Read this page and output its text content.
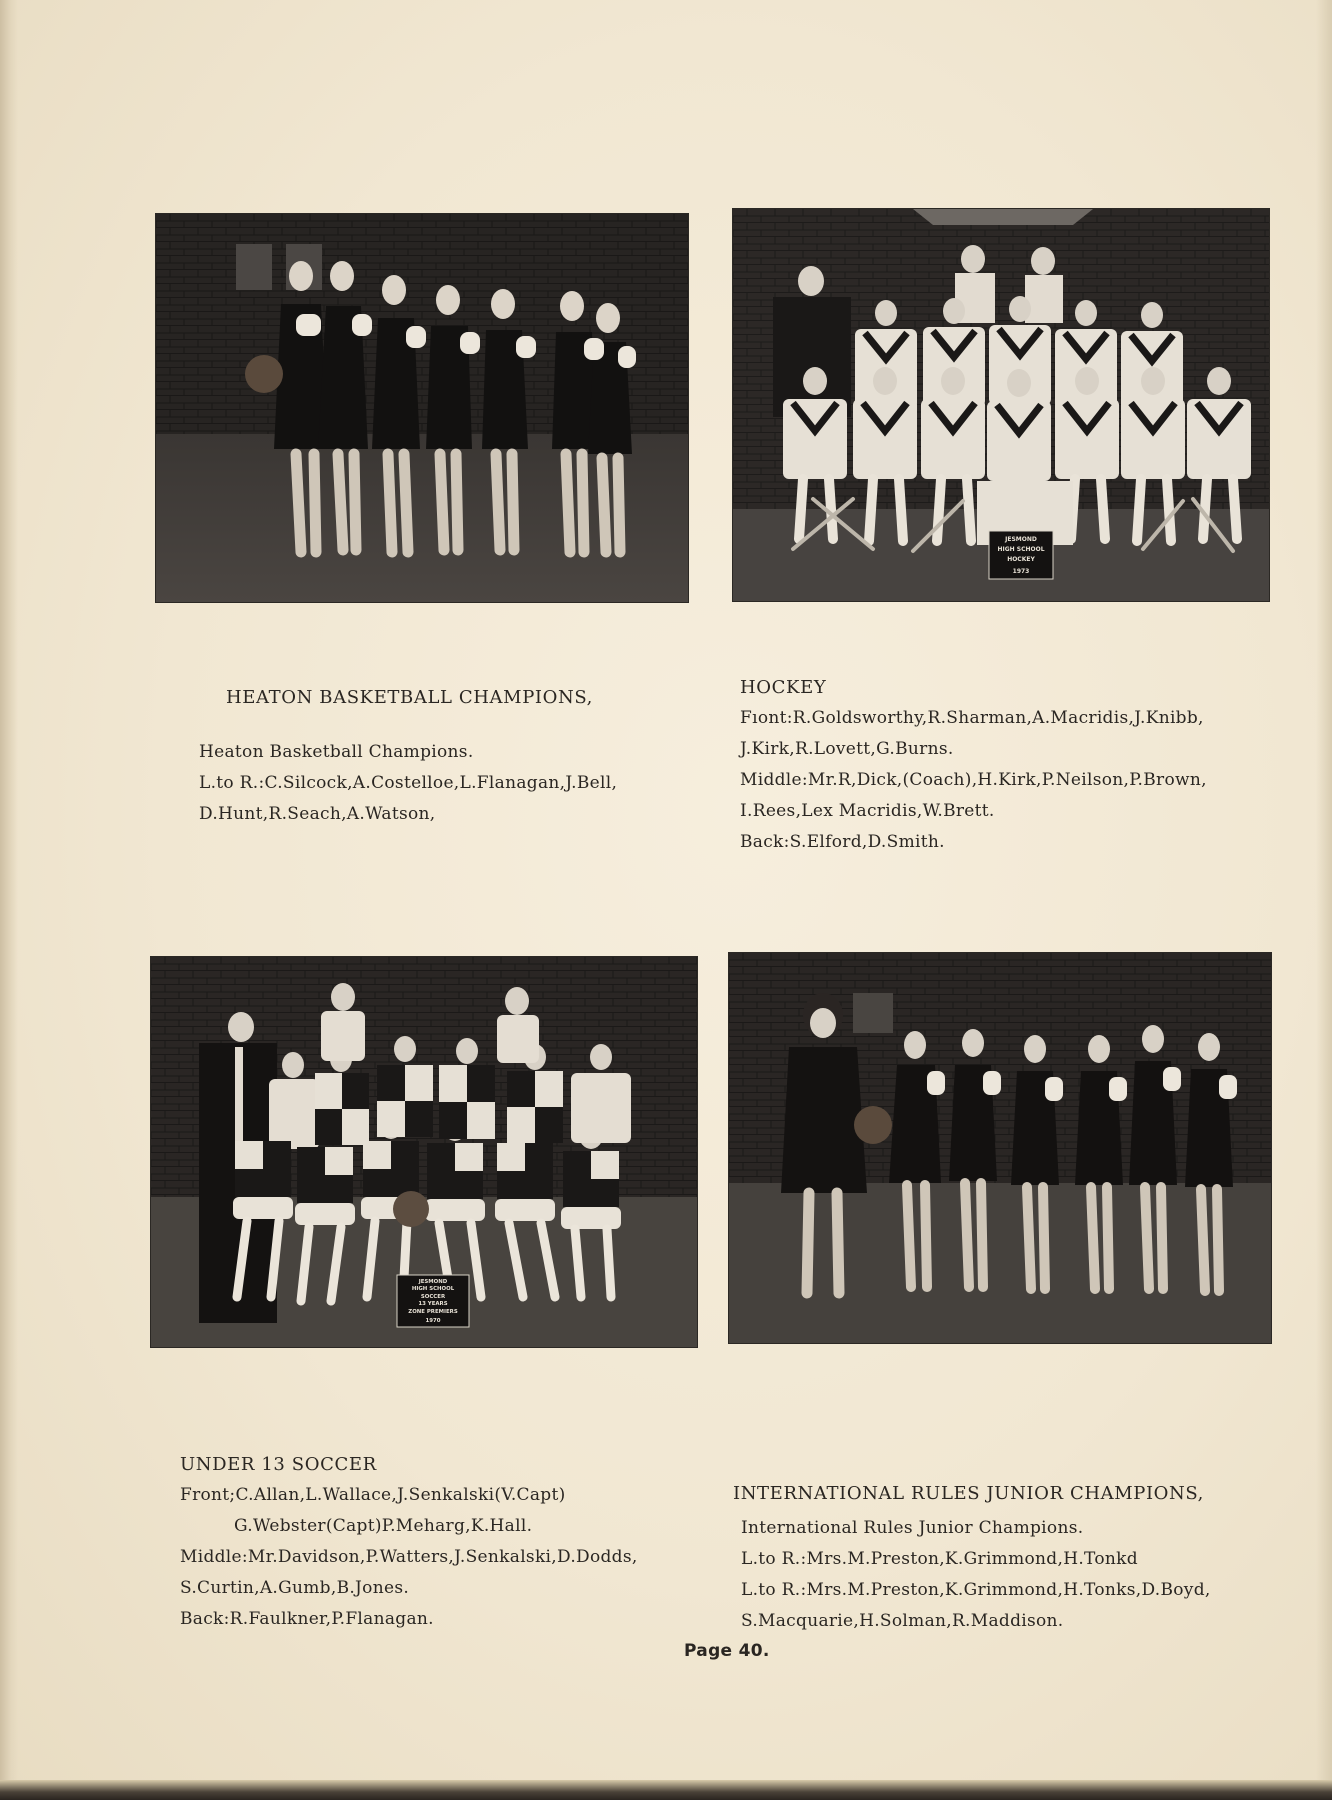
JESMOND
HIGH SCHOOL
HOCKEY
1973
HEATON BASKETBALL CHAMPIONS,
Heaton Basketball Champions.
L.to R.:C.Silcock,A.Costelloe,L.Flanagan,J.Bell,
D.Hunt,R.Seach,A.Watson,
HOCKEY
Fıont:R.Goldsworthy,R.Sharman,A.Macridis,J.Knibb,
J.Kirk,R.Lovett,G.Burns.
Middle:Mr.R,Dick,(Coach),H.Kirk,P.Neilson,P.Brown,
I.Rees,Lex Macridis,W.Brett.
Back:S.Elford,D.Smith.
JESMOND
HIGH SCHOOL
SOCCER
13 YEARS
ZONE PREMIERS
1970
UNDER 13 SOCCER
Front;C.Allan,L.Wallace,J.Senkalski(V.Capt)
G.Webster(Capt)P.Meharg,K.Hall.
Middle:Mr.Davidson,P.Watters,J.Senkalski,D.Dodds,
S.Curtin,A.Gumb,B.Jones.
Back:R.Faulkner,P.Flanagan.
INTERNATIONAL RULES JUNIOR CHAMPIONS,
International Rules Junior Champions.
L.to R.:Mrs.M.Preston,K.Grimmond,H.Tonkd
L.to R.:Mrs.M.Preston,K.Grimmond,H.Tonks,D.Boyd,
S.Macquarie,H.Solman,R.Maddison.
Page 40.
